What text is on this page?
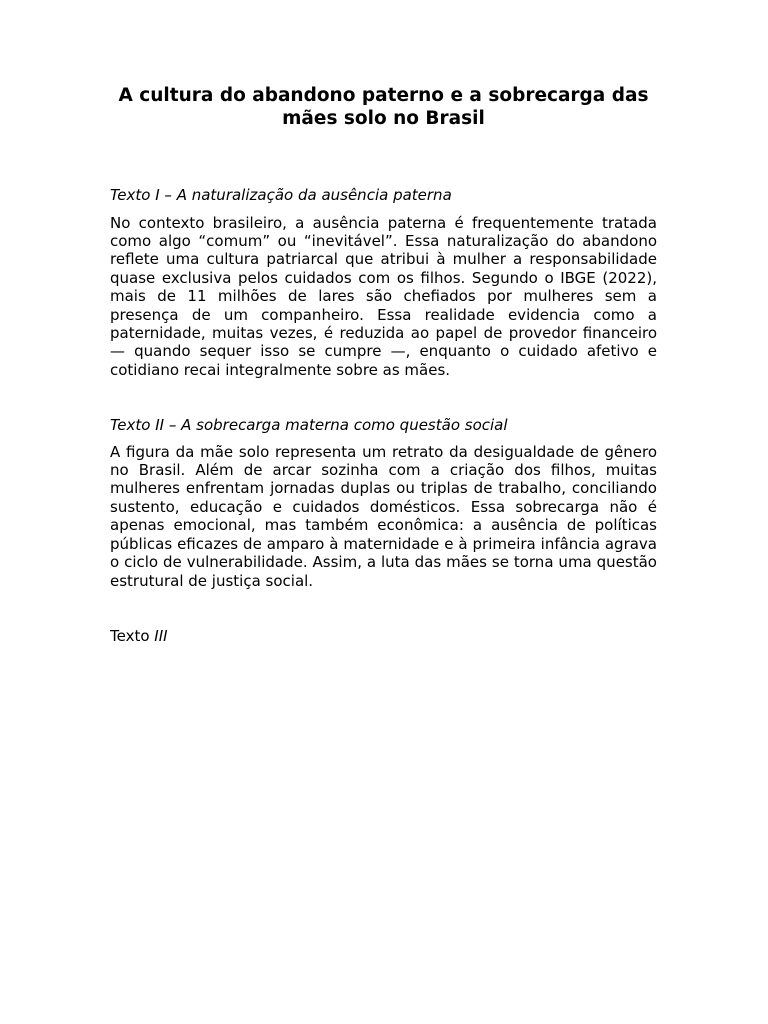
A cultura do abandono paterno e a sobrecarga das mães solo no Brasil

Texto I – A naturalização da ausência paterna

No contexto brasileiro, a ausência paterna é frequentemente tratada como algo “comum” ou “inevitável”. Essa naturalização do abandono reflete uma cultura patriarcal que atribui à mulher a responsabilidade quase exclusiva pelos cuidados com os filhos. Segundo o IBGE (2022), mais de 11 milhões de lares são chefiados por mulheres sem a presença de um companheiro. Essa realidade evidencia como a paternidade, muitas vezes, é reduzida ao papel de provedor financeiro — quando sequer isso se cumpre —, enquanto o cuidado afetivo e cotidiano recai integralmente sobre as mães.

Texto II – A sobrecarga materna como questão social

A figura da mãe solo representa um retrato da desigualdade de gênero no Brasil. Além de arcar sozinha com a criação dos filhos, muitas mulheres enfrentam jornadas duplas ou triplas de trabalho, conciliando sustento, educação e cuidados domésticos. Essa sobrecarga não é apenas emocional, mas também econômica: a ausência de políticas públicas eficazes de amparo à maternidade e à primeira infância agrava o ciclo de vulnerabilidade. Assim, a luta das mães se torna uma questão estrutural de justiça social.

Texto III
